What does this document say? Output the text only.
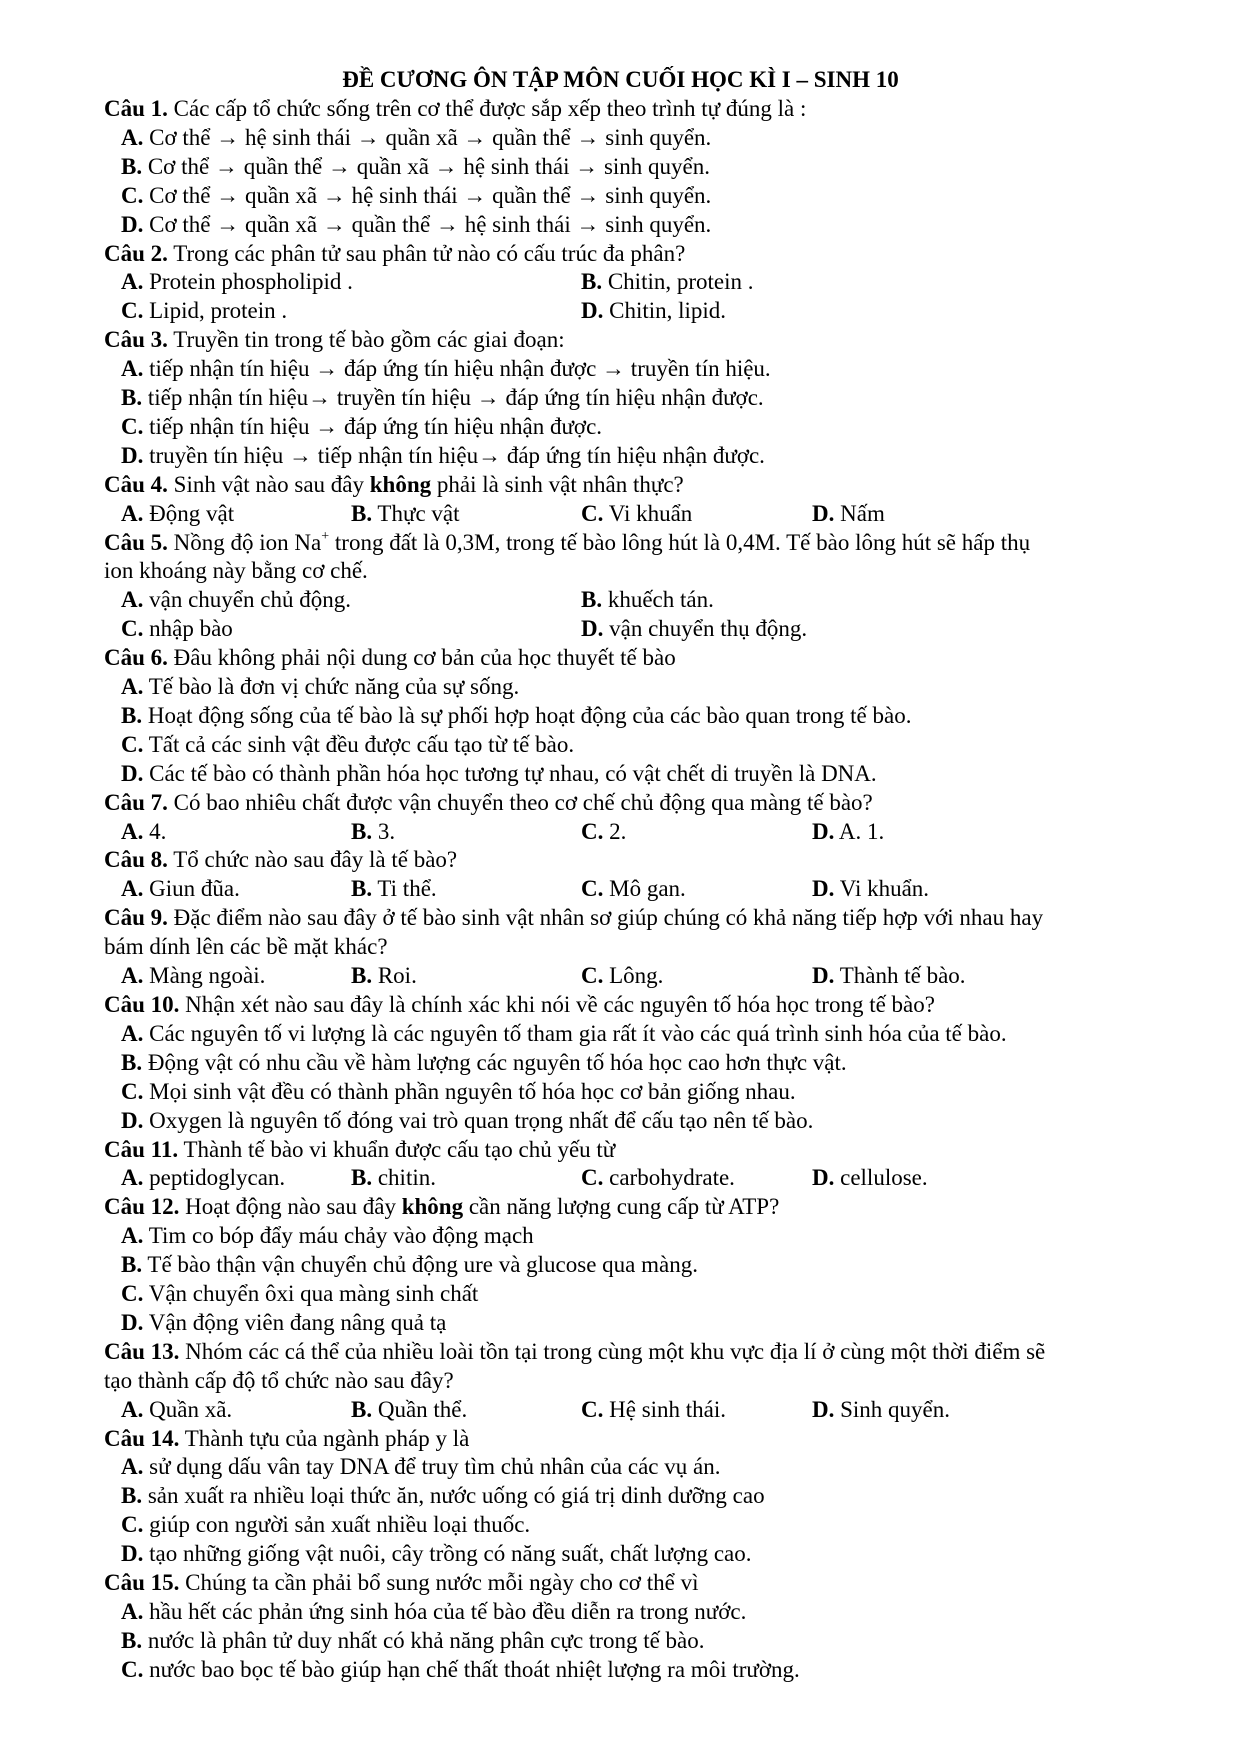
ĐỀ CƯƠNG ÔN TẬP MÔN CUỐI HỌC KÌ I – SINH 10
Câu 1. Các cấp tổ chức sống trên cơ thể được sắp xếp theo trình tự đúng là :
A. Cơ thể → hệ sinh thái → quần xã → quần thể → sinh quyển.
B. Cơ thể → quần thể → quần xã → hệ sinh thái → sinh quyển.
C. Cơ thể → quần xã → hệ sinh thái → quần thể → sinh quyển.
D. Cơ thể → quần xã → quần thể → hệ sinh thái → sinh quyển.
Câu 2. Trong các phân tử sau phân tử nào có cấu trúc đa phân?
A. Protein phospholipid .	B. Chitin, protein .
C. Lipid, protein .	D. Chitin, lipid.
Câu 3. Truyền tin trong tế bào gồm các giai đoạn:
A. tiếp nhận tín hiệu → đáp ứng tín hiệu nhận được → truyền tín hiệu.
B. tiếp nhận tín hiệu→ truyền tín hiệu → đáp ứng tín hiệu nhận được.
C. tiếp nhận tín hiệu → đáp ứng tín hiệu nhận được.
D. truyền tín hiệu → tiếp nhận tín hiệu→ đáp ứng tín hiệu nhận được.
Câu 4. Sinh vật nào sau đây không phải là sinh vật nhân thực?
A. Động vật	B. Thực vật	C. Vi khuẩn	D. Nấm
Câu 5. Nồng độ ion Na+ trong đất là 0,3M, trong tế bào lông hút là 0,4M. Tế bào lông hút sẽ hấp thụ
ion khoáng này bằng cơ chế.
A. vận chuyển chủ động.	B. khuếch tán.
C. nhập bào	D. vận chuyển thụ động.
Câu 6. Đâu không phải nội dung cơ bản của học thuyết tế bào
A. Tế bào là đơn vị chức năng của sự sống.
B. Hoạt động sống của tế bào là sự phối hợp hoạt động của các bào quan trong tế bào.
C. Tất cả các sinh vật đều được cấu tạo từ tế bào.
D. Các tế bào có thành phần hóa học tương tự nhau, có vật chết di truyền là DNA.
Câu 7. Có bao nhiêu chất được vận chuyển theo cơ chế chủ động qua màng tế bào?
A. 4.	B. 3.	C. 2.	D. A. 1.
Câu 8. Tổ chức nào sau đây là tế bào?
A. Giun đũa.	B. Ti thể.	C. Mô gan.	D. Vi khuẩn.
Câu 9. Đặc điểm nào sau đây ở tế bào sinh vật nhân sơ giúp chúng có khả năng tiếp hợp với nhau hay
bám dính lên các bề mặt khác?
A. Màng ngoài.	B. Roi.	C. Lông.	D. Thành tế bào.
Câu 10. Nhận xét nào sau đây là chính xác khi nói về các nguyên tố hóa học trong tế bào?
A. Các nguyên tố vi lượng là các nguyên tố tham gia rất ít vào các quá trình sinh hóa của tế bào.
B. Động vật có nhu cầu về hàm lượng các nguyên tố hóa học cao hơn thực vật.
C. Mọi sinh vật đều có thành phần nguyên tố hóa học cơ bản giống nhau.
D. Oxygen là nguyên tố đóng vai trò quan trọng nhất để cấu tạo nên tế bào.
Câu 11. Thành tế bào vi khuẩn được cấu tạo chủ yếu từ
A. peptidoglycan.	B. chitin.	C. carbohydrate.	D. cellulose.
Câu 12. Hoạt động nào sau đây không cần năng lượng cung cấp từ ATP?
A. Tim co bóp đẩy máu chảy vào động mạch
B. Tế bào thận vận chuyển chủ động ure và glucose qua màng.
C. Vận chuyển ôxi qua màng sinh chất
D. Vận động viên đang nâng quả tạ
Câu 13. Nhóm các cá thể của nhiều loài tồn tại trong cùng một khu vực địa lí ở cùng một thời điểm sẽ
tạo thành cấp độ tổ chức nào sau đây?
A. Quần xã.	B. Quần thể.	C. Hệ sinh thái.	D. Sinh quyển.
Câu 14. Thành tựu của ngành pháp y là
A. sử dụng dấu vân tay DNA để truy tìm chủ nhân của các vụ án.
B. sản xuất ra nhiều loại thức ăn, nước uống có giá trị dinh dưỡng cao
C. giúp con người sản xuất nhiều loại thuốc.
D. tạo những giống vật nuôi, cây trồng có năng suất, chất lượng cao.
Câu 15. Chúng ta cần phải bổ sung nước mỗi ngày cho cơ thể vì
A. hầu hết các phản ứng sinh hóa của tế bào đều diễn ra trong nước.
B. nước là phân tử duy nhất có khả năng phân cực trong tế bào.
C. nước bao bọc tế bào giúp hạn chế thất thoát nhiệt lượng ra môi trường.
